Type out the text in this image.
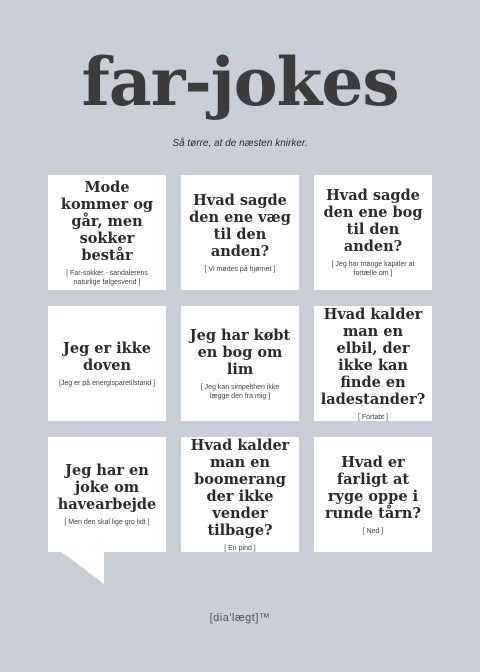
far-jokes
Så tørre, at de næsten knirker.

Mode kommer og går, men sokker består

[ Far-sokker - sandalerens naturlige følgesvend ]

Hvad sagde den ene væg til den anden?

[ Vi mødes på hjørnet ]

Hvad sagde den ene bog til den anden?

[ Jeg har mange kapitler at fortælle om ]

Jeg er ikke doven

[Jeg er på energisparetilstand ]

Jeg har købt en bog om lim

[ Jeg kan simpelthen ikke lægge den fra mig ]

Hvad kalder man en elbil, der ikke kan finde en ladestander?

[ Fortabt ]

Jeg har en joke om havearbejde

[ Men den skal lige gro lidt ]

Hvad kalder man en boomerang der ikke vender tilbage?

[ En pind ]

Hvad er farligt at ryge oppe i runde tårn?

[ Ned ]
[dia'lægt]™
